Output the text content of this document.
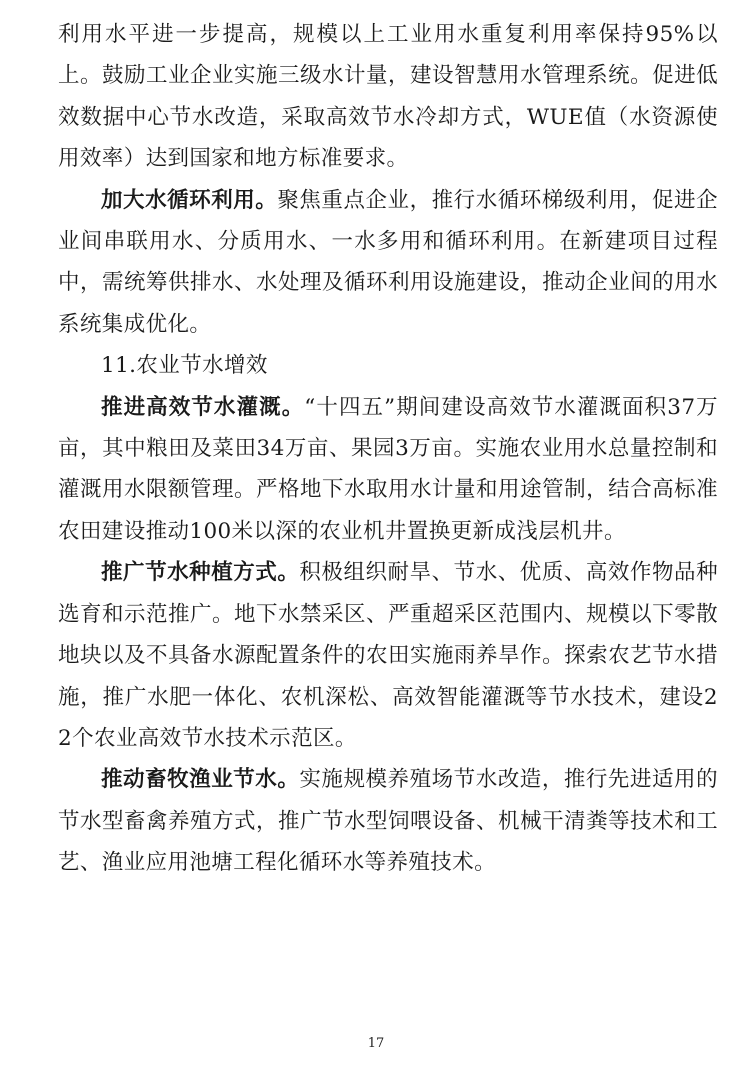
利用水平进一步提高，规模以上工业用水重复利用率保持95%以上。鼓励工业企业实施三级水计量，建设智慧用水管理系统。促进低效数据中心节水改造，采取高效节水冷却方式，WUE值（水资源使用效率）达到国家和地方标准要求。

加大水循环利用。聚焦重点企业，推行水循环梯级利用，促进企业间串联用水、分质用水、一水多用和循环利用。在新建项目过程中，需统筹供排水、水处理及循环利用设施建设，推动企业间的用水系统集成优化。

11.农业节水增效

推进高效节水灌溉。“十四五”期间建设高效节水灌溉面积37万亩，其中粮田及菜田34万亩、果园3万亩。实施农业用水总量控制和灌溉用水限额管理。严格地下水取用水计量和用途管制，结合高标准农田建设推动100米以深的农业机井置换更新成浅层机井。

推广节水种植方式。积极组织耐旱、节水、优质、高效作物品种选育和示范推广。地下水禁采区、严重超采区范围内、规模以下零散地块以及不具备水源配置条件的农田实施雨养旱作。探索农艺节水措施，推广水肥一体化、农机深松、高效智能灌溉等节水技术，建设22个农业高效节水技术示范区。

推动畜牧渔业节水。实施规模养殖场节水改造，推行先进适用的节水型畜禽养殖方式，推广节水型饲喂设备、机械干清粪等技术和工艺、渔业应用池塘工程化循环水等养殖技术。

17
